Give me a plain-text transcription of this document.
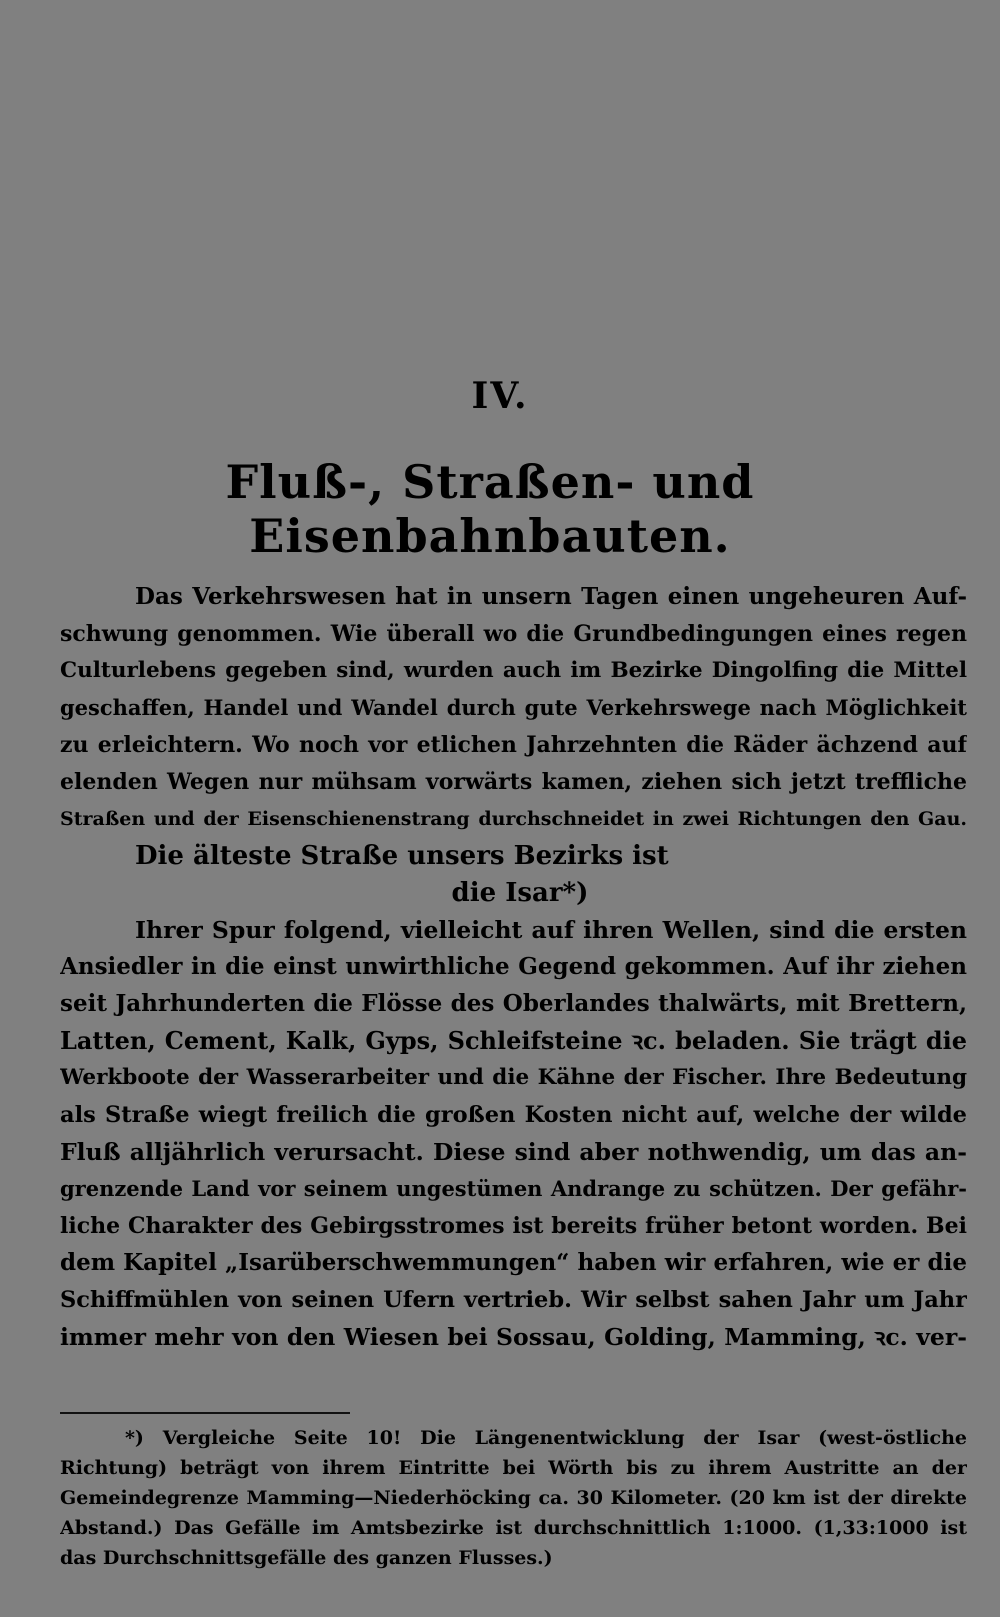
IV.
Fluß-, Straßen- und Eisenbahnbauten.
Das Verkehrswesen hat in unsern Tagen einen ungeheuren Auf-
schwung genommen. Wie überall wo die Grundbedingungen eines regen
Culturlebens gegeben sind, wurden auch im Bezirke Dingolfing die Mittel
geschaffen, Handel und Wandel durch gute Verkehrswege nach Möglichkeit
zu erleichtern. Wo noch vor etlichen Jahrzehnten die Räder ächzend auf
elenden Wegen nur mühsam vorwärts kamen, ziehen sich jetzt treffliche
Straßen und der Eisenschienenstrang durchschneidet in zwei Richtungen den Gau.
Die älteste Straße unsers Bezirks ist
die Isar*)
Ihrer Spur folgend, vielleicht auf ihren Wellen, sind die ersten
Ansiedler in die einst unwirthliche Gegend gekommen. Auf ihr ziehen
seit Jahrhunderten die Flösse des Oberlandes thalwärts, mit Brettern,
Latten, Cement, Kalk, Gyps, Schleifsteine ꝛc. beladen. Sie trägt die
Werkboote der Wasserarbeiter und die Kähne der Fischer. Ihre Bedeutung
als Straße wiegt freilich die großen Kosten nicht auf, welche der wilde
Fluß alljährlich verursacht. Diese sind aber nothwendig, um das an-
grenzende Land vor seinem ungestümen Andrange zu schützen. Der gefähr-
liche Charakter des Gebirgsstromes ist bereits früher betont worden. Bei
dem Kapitel „Isarüberschwemmungen“ haben wir erfahren, wie er die
Schiffmühlen von seinen Ufern vertrieb. Wir selbst sahen Jahr um Jahr
immer mehr von den Wiesen bei Sossau, Golding, Mamming, ꝛc. ver-
*) Vergleiche Seite 10! Die Längenentwicklung der Isar (west-östliche
Richtung) beträgt von ihrem Eintritte bei Wörth bis zu ihrem Austritte an der
Gemeindegrenze Mamming—Niederhöcking ca. 30 Kilometer. (20 km ist der direkte
Abstand.) Das Gefälle im Amtsbezirke ist durchschnittlich 1:1000. (1,33:1000 ist
das Durchschnittsgefälle des ganzen Flusses.)
